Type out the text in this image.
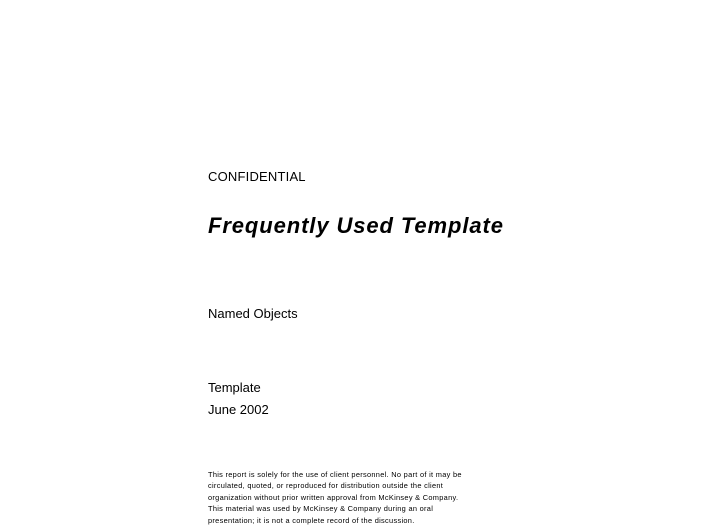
CONFIDENTIAL
Frequently Used Template
Named Objects
Template
June 2002
This report is solely for the use of client personnel. No part of it may be
circulated, quoted, or reproduced for distribution outside the client
organization without prior written approval from McKinsey & Company.
This material was used by McKinsey & Company during an oral
presentation; it is not a complete record of the discussion.
